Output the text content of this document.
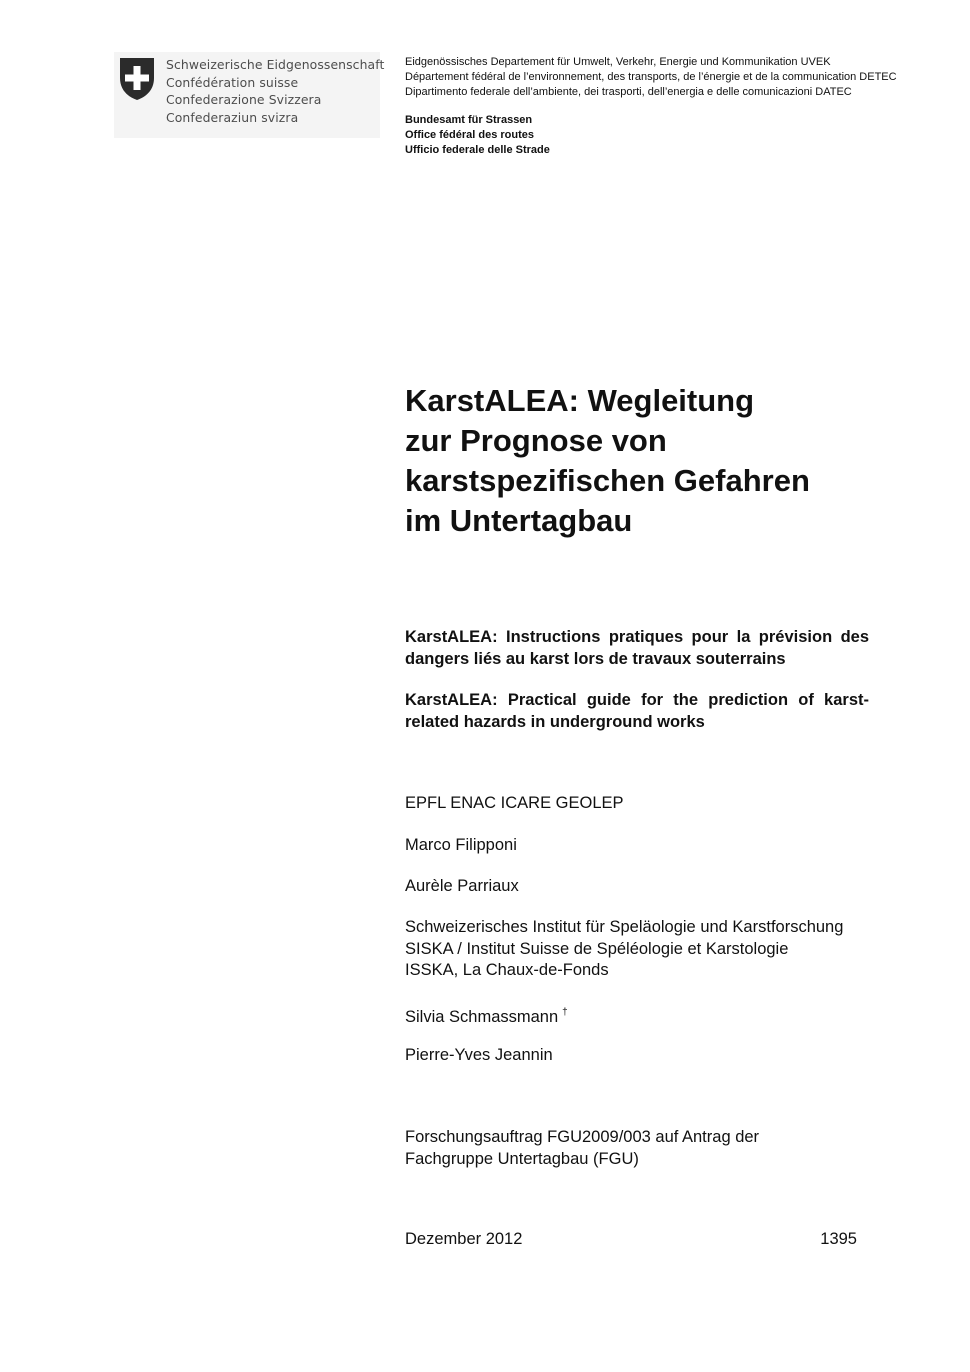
Schweizerische Eidgenossenschaft
Confédération suisse
Confederazione Svizzera
Confederaziun svizra
Eidgenössisches Departement für Umwelt, Verkehr, Energie und Kommunikation UVEK
Département fédéral de l’environnement, des transports, de l’énergie et de la communication DETEC
Dipartimento federale dell’ambiente, dei trasporti, dell’energia e delle comunicazioni DATEC
Bundesamt für Strassen
Office fédéral des routes
Ufficio federale delle Strade
KarstALEA: Wegleitung
zur Prognose von
karstspezifischen Gefahren
im Untertagbau
KarstALEA: Instructions pratiques pour la prévision des dangers liés au karst lors de travaux souterrains
KarstALEA: Practical guide for the prediction of karst-related hazards in underground works
EPFL ENAC ICARE GEOLEP
Marco Filipponi
Aurèle Parriaux
Schweizerisches Institut für Speläologie und Karstforschung
SISKA / Institut Suisse de Spéléologie et Karstologie
ISSKA, La Chaux-de-Fonds
Silvia Schmassmann †
Pierre-Yves Jeannin
Forschungsauftrag FGU2009/003 auf Antrag der
Fachgruppe Untertagbau (FGU)
Dezember 2012	1395
